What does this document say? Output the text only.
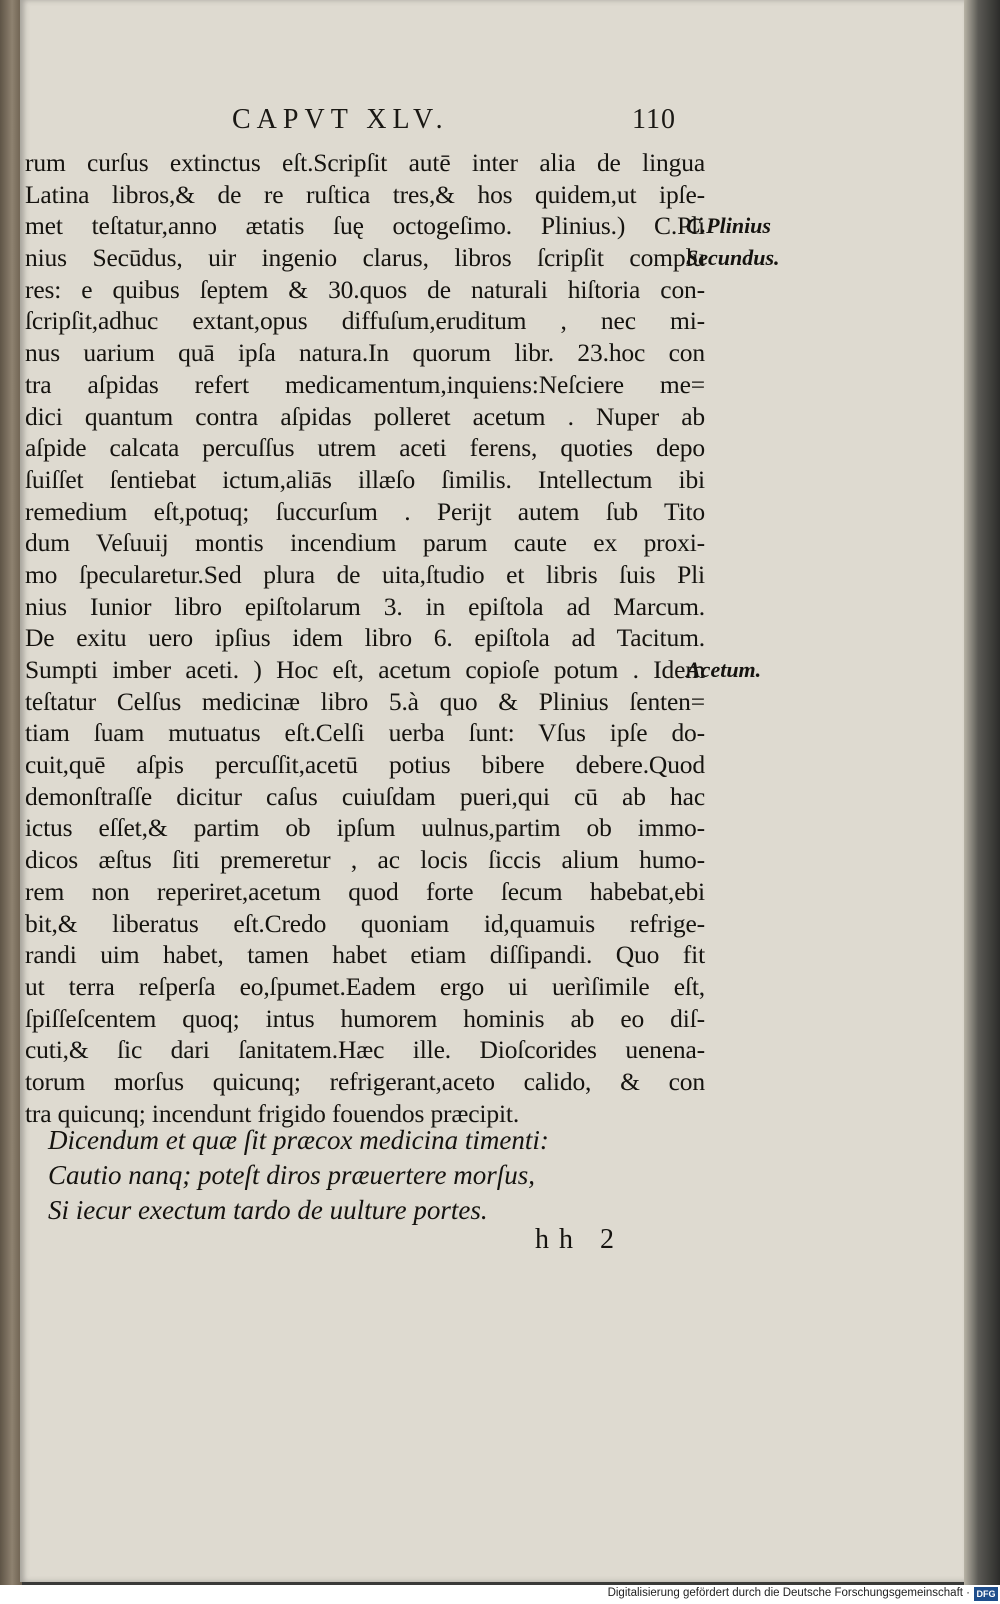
CAPVT XLV.	110
rum curſus extinctus eſt.Scripſit autē inter alia de lingua
Latina libros,& de re ruſtica tres,& hos quidem,ut ipſe-
met teſtatur,anno ætatis ſuę octogeſimo. Plinius.) C.Pli
nius Secūdus, uir ingenio clarus, libros ſcripſit complu
res: e quibus ſeptem & 30.quos de naturali hiſtoria con-
ſcripſit,adhuc extant,opus diffuſum,eruditum , nec mi-
nus uarium quā ipſa natura.In quorum libr. 23.hoc con
tra aſpidas refert medicamentum,inquiens:Neſciere me=
dici quantum contra aſpidas polleret acetum . Nuper ab
aſpide calcata percuſſus utrem aceti ferens, quoties depo
ſuiſſet ſentiebat ictum,aliās illæſo ſimilis. Intellectum ibi
remedium eſt,potuq; ſuccurſum . Periјt autem ſub Tito
dum Veſuuij montis incendium parum caute ex proxi-
mo ſpecularetur.Sed plura de uita,ſtudio et libris ſuis Pli
nius Iunior libro epiſtolarum 3. in epiſtola ad Marcum.
De exitu uero ipſius idem libro 6. epiſtola ad Tacitum.
Sumpti imber aceti. ) Hoc eſt, acetum copioſe potum . Idem
teſtatur Celſus medicinæ libro 5.à quo & Plinius ſenten=
tiam ſuam mutuatus eſt.Celſi uerba ſunt: Vſus ipſe do-
cuit,quē aſpis percuſſit,acetū potius bibere debere.Quod
demonſtraſſe dicitur caſus cuiuſdam pueri,qui cū ab hac
ictus eſſet,& partim ob ipſum uulnus,partim ob immo-
dicos æſtus ſiti premeretur , ac locis ſiccis alium humo-
rem non reperiret,acetum quod forte ſecum habebat,ebi
bit,& liberatus eſt.Credo quoniam id,quamuis refrige-
randi uim habet, tamen habet etiam diſſipandi. Quo fit
ut terra reſperſa eo,ſpumet.Eadem ergo ui uerìſimile eſt,
ſpiſſeſcentem quoq; intus humorem hominis ab eo diſ-
cuti,& ſic dari ſanitatem.Hæc ille. Dioſcorides uenena-
torum morſus quicunq; refrigerant,aceto calido, & con
tra quicunq; incendunt frigido fouendos præcipit.
C.Plinius
Secundus.
Acetum.
Dicendum et quæ ſit præcox medicina timenti:
Cautio nanq; poteſt diros præuertere morſus,
Si iecur exectum tardo de uulture portes.
hh 2
Digitalisierung gefördert durch die Deutsche Forschungsgemeinschaft · DFG
